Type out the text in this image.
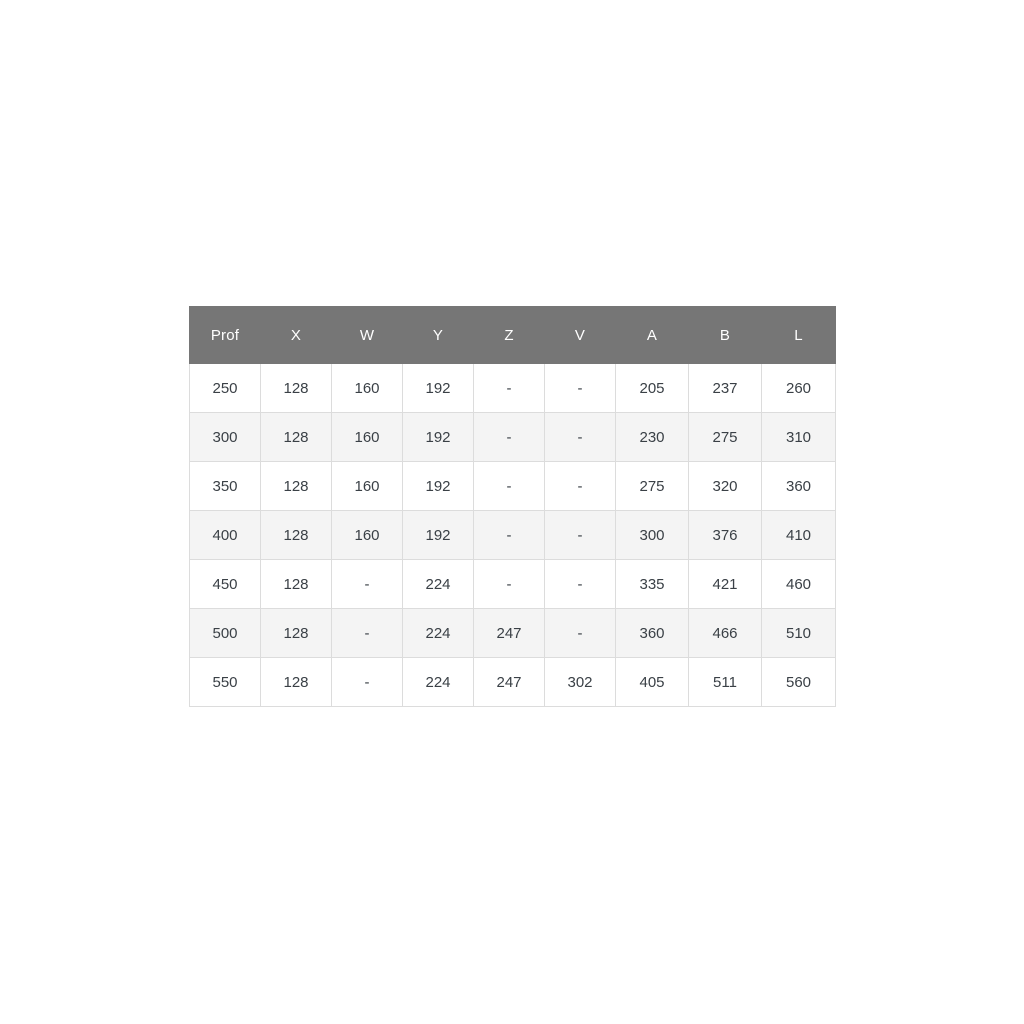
Prof	X	W	Y	Z	V	A	B	L
250	128	160	192	-	-	205	237	260
300	128	160	192	-	-	230	275	310
350	128	160	192	-	-	275	320	360
400	128	160	192	-	-	300	376	410
450	128	-	224	-	-	335	421	460
500	128	-	224	247	-	360	466	510
550	128	-	224	247	302	405	511	560
